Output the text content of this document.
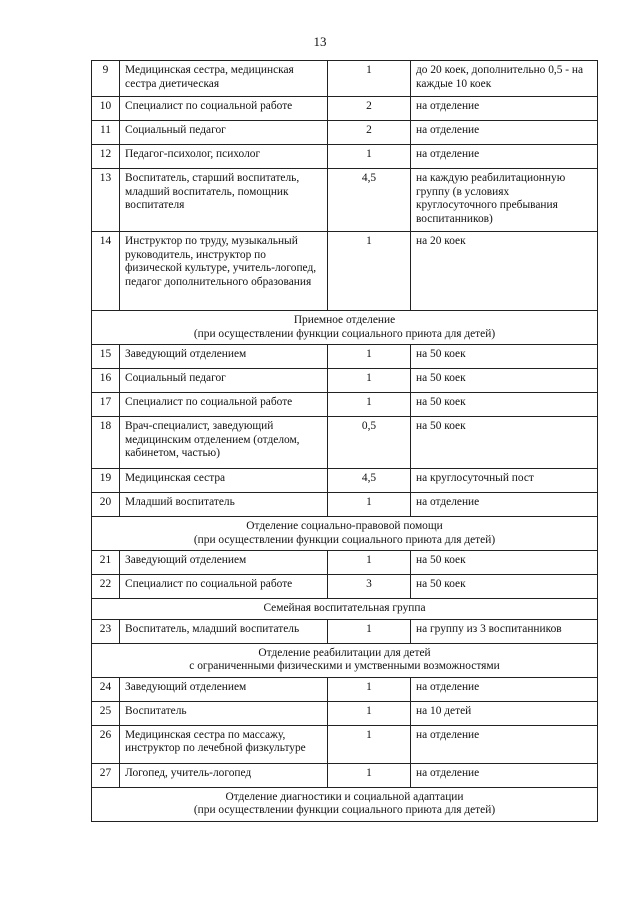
13
9	Медицинская сестра, медицинская сестра диетическая	1	до 20 коек, дополнительно 0,5 - на каждые 10 коек
10	Специалист по социальной работе	2	на отделение
11	Социальный педагог	2	на отделение
12	Педагог-психолог, психолог	1	на отделение
13	Воспитатель, старший воспитатель, младший воспитатель, помощник воспитателя	4,5	на каждую реабилитационную группу (в условиях круглосуточного пребывания воспитанников)
14	Инструктор по труду, музыкальный руководитель, инструктор по физической культуре, учитель-логопед, педагог дополнительного образования	1	на 20 коек

Приемное отделение
(при осуществлении функции социального приюта для детей)			

15	Заведующий отделением	1	на 50 коек
16	Социальный педагог	1	на 50 коек
17	Специалист по социальной работе	1	на 50 коек
18	Врач-специалист, заведующий медицинским отделением (отделом, кабинетом, частью)	0,5	на 50 коек
19	Медицинская сестра	4,5	на круглосуточный пост
20	Младший воспитатель	1	на отделение

Отделение социально-правовой помощи
(при осуществлении функции социального приюта для детей)			

21	Заведующий отделением	1	на 50 коек
22	Специалист по социальной работе	3	на 50 коек

Семейная воспитательная группа			

23	Воспитатель, младший воспитатель	1	на группу из 3 воспитанников

Отделение реабилитации для детей
с ограниченными физическими и умственными возможностями			

24	Заведующий отделением	1	на отделение
25	Воспитатель	1	на 10 детей
26	Медицинская сестра по массажу, инструктор по лечебной физкультуре	1	на отделение
27	Логопед, учитель-логопед	1	на отделение

Отделение диагностики и социальной адаптации
(при осуществлении функции социального приюта для детей)			
